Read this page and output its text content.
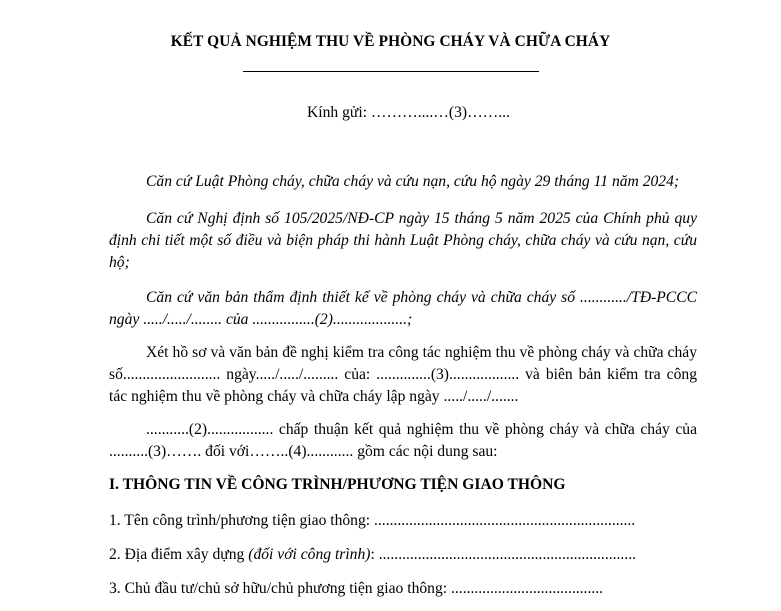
KẾT QUẢ NGHIỆM THU VỀ PHÒNG CHÁY VÀ CHỮA CHÁY
Kính gửi: ………....…(3)……...
Căn cứ Luật Phòng cháy, chữa cháy và cứu nạn, cứu hộ ngày 29 tháng 11 năm 2024;
Căn cứ Nghị định số 105/2025/NĐ-CP ngày 15 tháng 5 năm 2025 của Chính phủ quy định chi tiết một số điều và biện pháp thi hành Luật Phòng cháy, chữa cháy và cứu nạn, cứu hộ;
Căn cứ văn bản thẩm định thiết kế về phòng cháy và chữa cháy số ............/TĐ-PCCC ngày ...../...../........ của ................(2)...................;
Xét hồ sơ và văn bản đề nghị kiểm tra công tác nghiệm thu về phòng cháy và chữa cháy số......................... ngày...../...../......... của: ..............(3).................. và biên bản kiểm tra công tác nghiệm thu về phòng cháy và chữa cháy lập ngày ...../...../.......
...........(2)................. chấp thuận kết quả nghiệm thu về phòng cháy và chữa cháy của ..........(3)……. đối với……..(4)............ gồm các nội dung sau:
I. THÔNG TIN VỀ CÔNG TRÌNH/PHƯƠNG TIỆN GIAO THÔNG
1. Tên công trình/phương tiện giao thông: ...................................................................
2. Địa điểm xây dựng (đối với công trình): ..................................................................
3. Chủ đầu tư/chủ sở hữu/chủ phương tiện giao thông: .......................................
